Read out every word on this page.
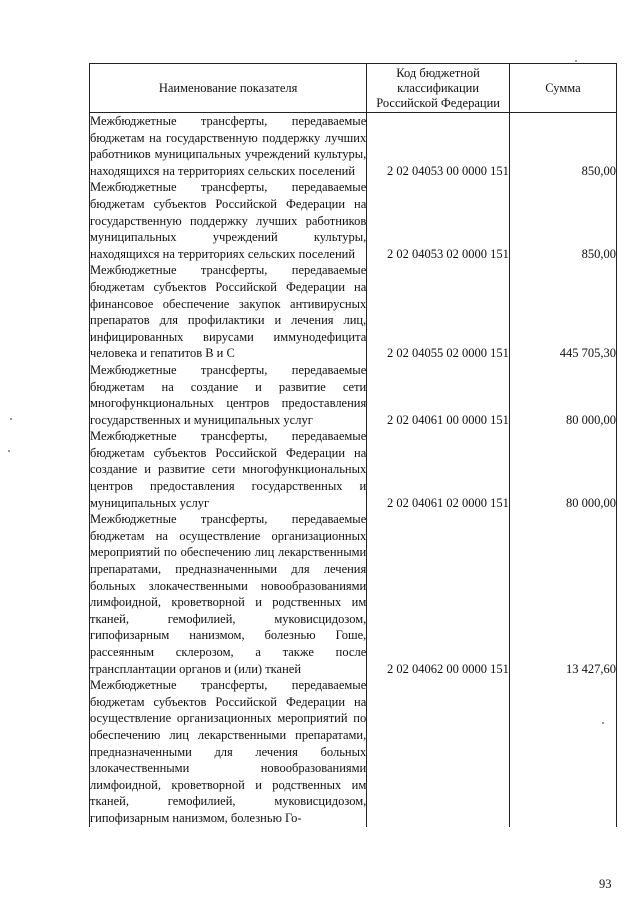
Наименование показателя	Код бюджетной классификации Российской Федерации	Сумма
Межбюджетные трансферты, передаваемые бюджетам на государственную поддержку лучших работников муниципальных учреждений культуры, находящихся на территориях сельских поселений	2 02 04053 00 0000 151	850,00
Межбюджетные трансферты, передаваемые бюджетам субъектов Российской Федерации на государственную поддержку лучших работников муниципальных учреждений культуры, находящихся на территориях сельских поселений	2 02 04053 02 0000 151	850,00
Межбюджетные трансферты, передаваемые бюджетам субъектов Российской Федерации на финансовое обеспечение закупок антивирусных препаратов для профилактики и лечения лиц, инфицированных вирусами иммунодефицита человека и гепатитов B и C	2 02 04055 02 0000 151	445 705,30
Межбюджетные трансферты, передаваемые бюджетам на создание и развитие сети многофункциональных центров предоставления государственных и муниципальных услуг	2 02 04061 00 0000 151	80 000,00
Межбюджетные трансферты, передаваемые бюджетам субъектов Российской Федерации на создание и развитие сети многофункциональных центров предоставления государственных и муниципальных услуг	2 02 04061 02 0000 151	80 000,00
Межбюджетные трансферты, передаваемые бюджетам на осуществление организационных мероприятий по обеспечению лиц лекарственными препаратами, предназначенными для лечения больных злокачественными новообразованиями лимфоидной, кроветворной и родственных им тканей, гемофилией, муковисцидозом, гипофизарным нанизмом, болезнью Гоше, рассеянным склерозом, а также после трансплантации органов и (или) тканей	2 02 04062 00 0000 151	13 427,60
Межбюджетные трансферты, передаваемые бюджетам субъектов Российской Федерации на осуществление организационных мероприятий по обеспечению лиц лекарственными препаратами, предназначенными для лечения больных злокачественными новообразованиями лимфоидной, кроветворной и родственных им тканей, гемофилией, муковисцидозом, гипофизарным нанизмом, болезнью Го-		
93
